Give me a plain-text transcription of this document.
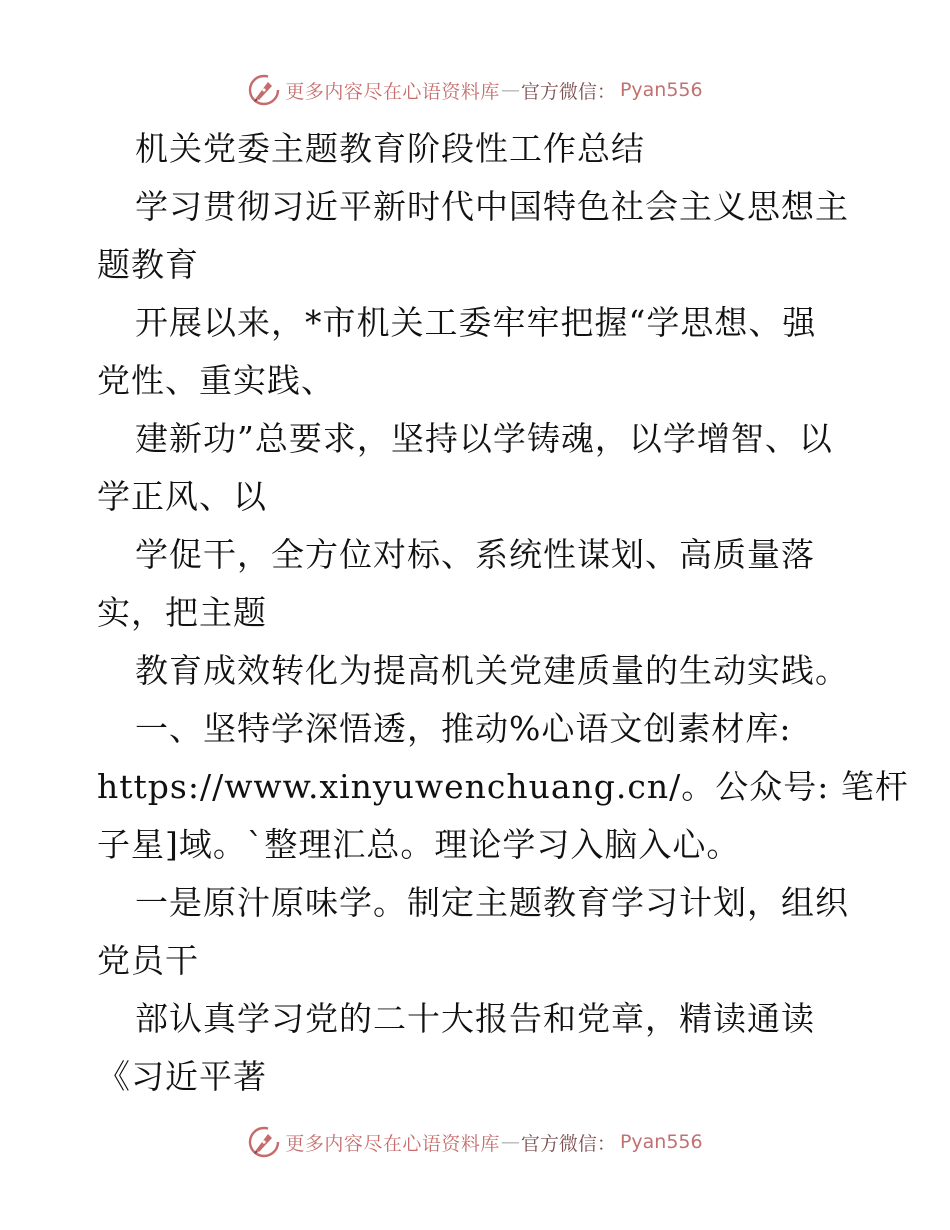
更多内容尽在心语资料库 — 官方微信： Pyan556

机关党委主题教育阶段性工作总结

学习贯彻习近平新时代中国特色社会主义思想主

题教育

开展以来，*市机关工委牢牢把握“学思想、强

党性、重实践、

建新功”总要求，坚持以学铸魂，以学增智、以

学正风、以

学促干，全方位对标、系统性谋划、高质量落

实，把主题

教育成效转化为提高机关党建质量的生动实践。

一、坚特学深悟透，推动%心语文创素材库:

https://www.xinyuwenchuang.cn/。公众号: 笔杆

子星]域。`整理汇总。理论学习入脑入心。

一是原汁原味学。制定主题教育学习计划，组织

党员干

部认真学习党的二十大报告和党章，精读通读

《习近平著

更多内容尽在心语资料库 — 官方微信： Pyan556
